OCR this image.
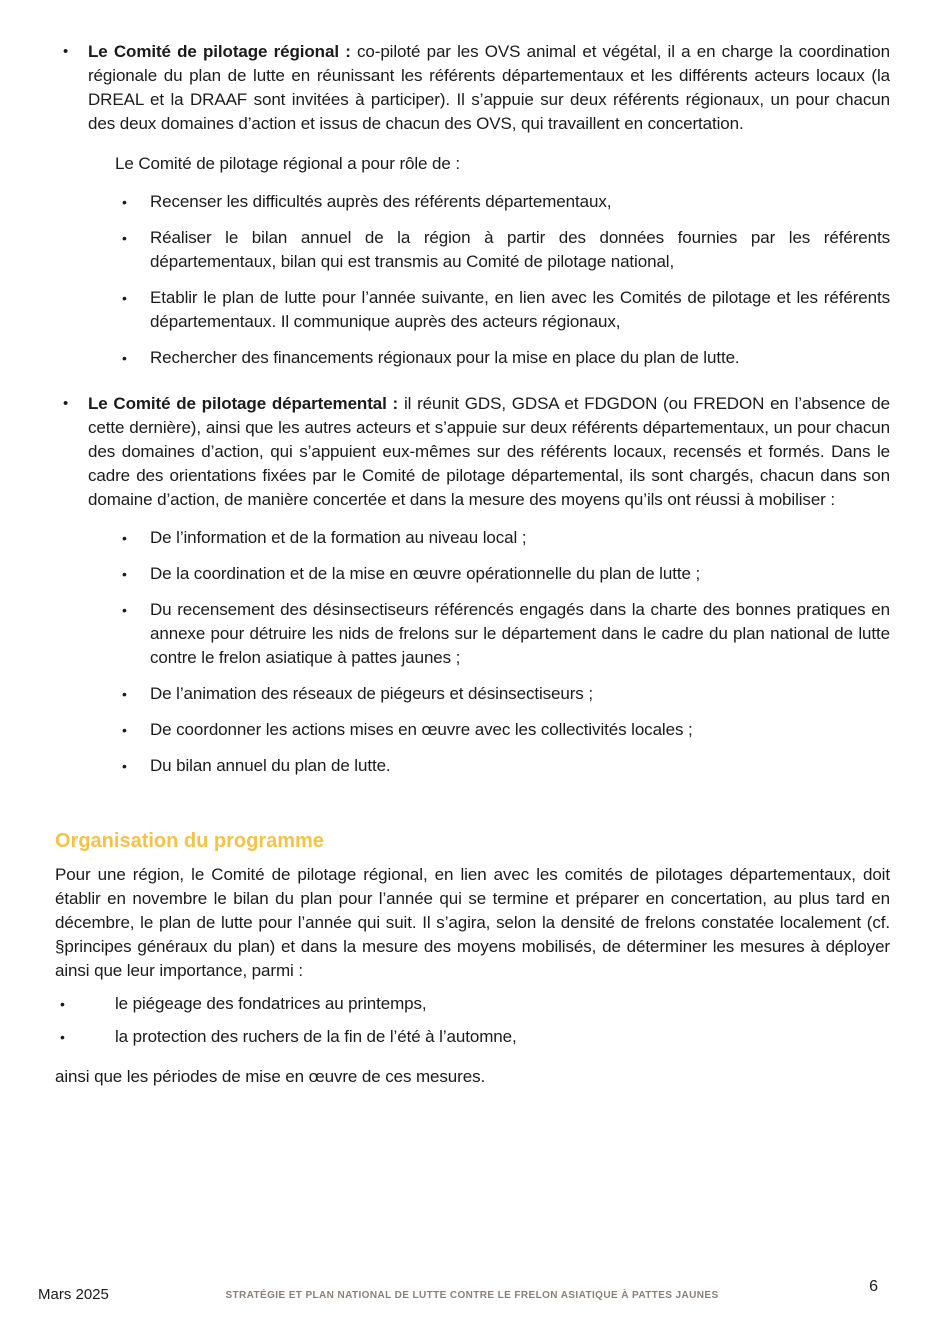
•	Le Comité de pilotage régional : co-piloté par les OVS animal et végétal, il a en charge la coordination régionale du plan de lutte en réunissant les référents départementaux et les différents acteurs locaux (la DREAL et la DRAAF sont invitées à participer). Il s’appuie sur deux référents régionaux, un pour chacun des deux domaines d’action et issus de chacun des OVS, qui travaillent en concertation.
Le Comité de pilotage régional a pour rôle de :
•	Recenser les difficultés auprès des référents départementaux,
•	Réaliser le bilan annuel de la région à partir des données fournies par les référents départementaux, bilan qui est transmis au Comité de pilotage national,
•	Etablir le plan de lutte pour l’année suivante, en lien avec les Comités de pilotage et les référents départementaux. Il communique auprès des acteurs régionaux,
•	Rechercher des financements régionaux pour la mise en place du plan de lutte.
•	Le Comité de pilotage départemental : il réunit GDS, GDSA et FDGDON (ou FREDON en l’absence de cette dernière), ainsi que les autres acteurs et s’appuie sur deux référents départementaux, un pour chacun des domaines d’action, qui s’appuient eux-mêmes sur des référents locaux, recensés et formés. Dans le cadre des orientations fixées par le Comité de pilotage départemental, ils sont chargés, chacun dans son domaine d’action, de manière concertée et dans la mesure des moyens qu’ils ont réussi à mobiliser :
•	De l’information et de la formation au niveau local ;
•	De la coordination et de la mise en œuvre opérationnelle du plan de lutte ;
•	Du recensement des désinsectiseurs référencés engagés dans la charte des bonnes pratiques en annexe pour détruire les nids de frelons sur le département dans le cadre du plan national de lutte contre le frelon asiatique à pattes jaunes ;
•	De l’animation des réseaux de piégeurs et désinsectiseurs ;
•	De coordonner les actions mises en œuvre avec les collectivités locales ;
•	Du bilan annuel du plan de lutte.
Organisation du programme

Pour une région, le Comité de pilotage régional, en lien avec les comités de pilotages départementaux, doit établir en novembre le bilan du plan pour l’année qui se termine et préparer en concertation, au plus tard en décembre, le plan de lutte pour l’année qui suit. Il s’agira, selon la densité de frelons constatée localement (cf. §principes généraux du plan) et dans la mesure des moyens mobilisés, de déterminer les mesures à déployer ainsi que leur importance, parmi :

•	le piégeage des fondatrices au printemps,
•	la protection des ruchers de la fin de l’été à l’automne,
ainsi que les périodes de mise en œuvre de ces mesures.
Mars 2025	STRATÉGIE ET PLAN NATIONAL DE LUTTE CONTRE LE FRELON ASIATIQUE À PATTES JAUNES
6
